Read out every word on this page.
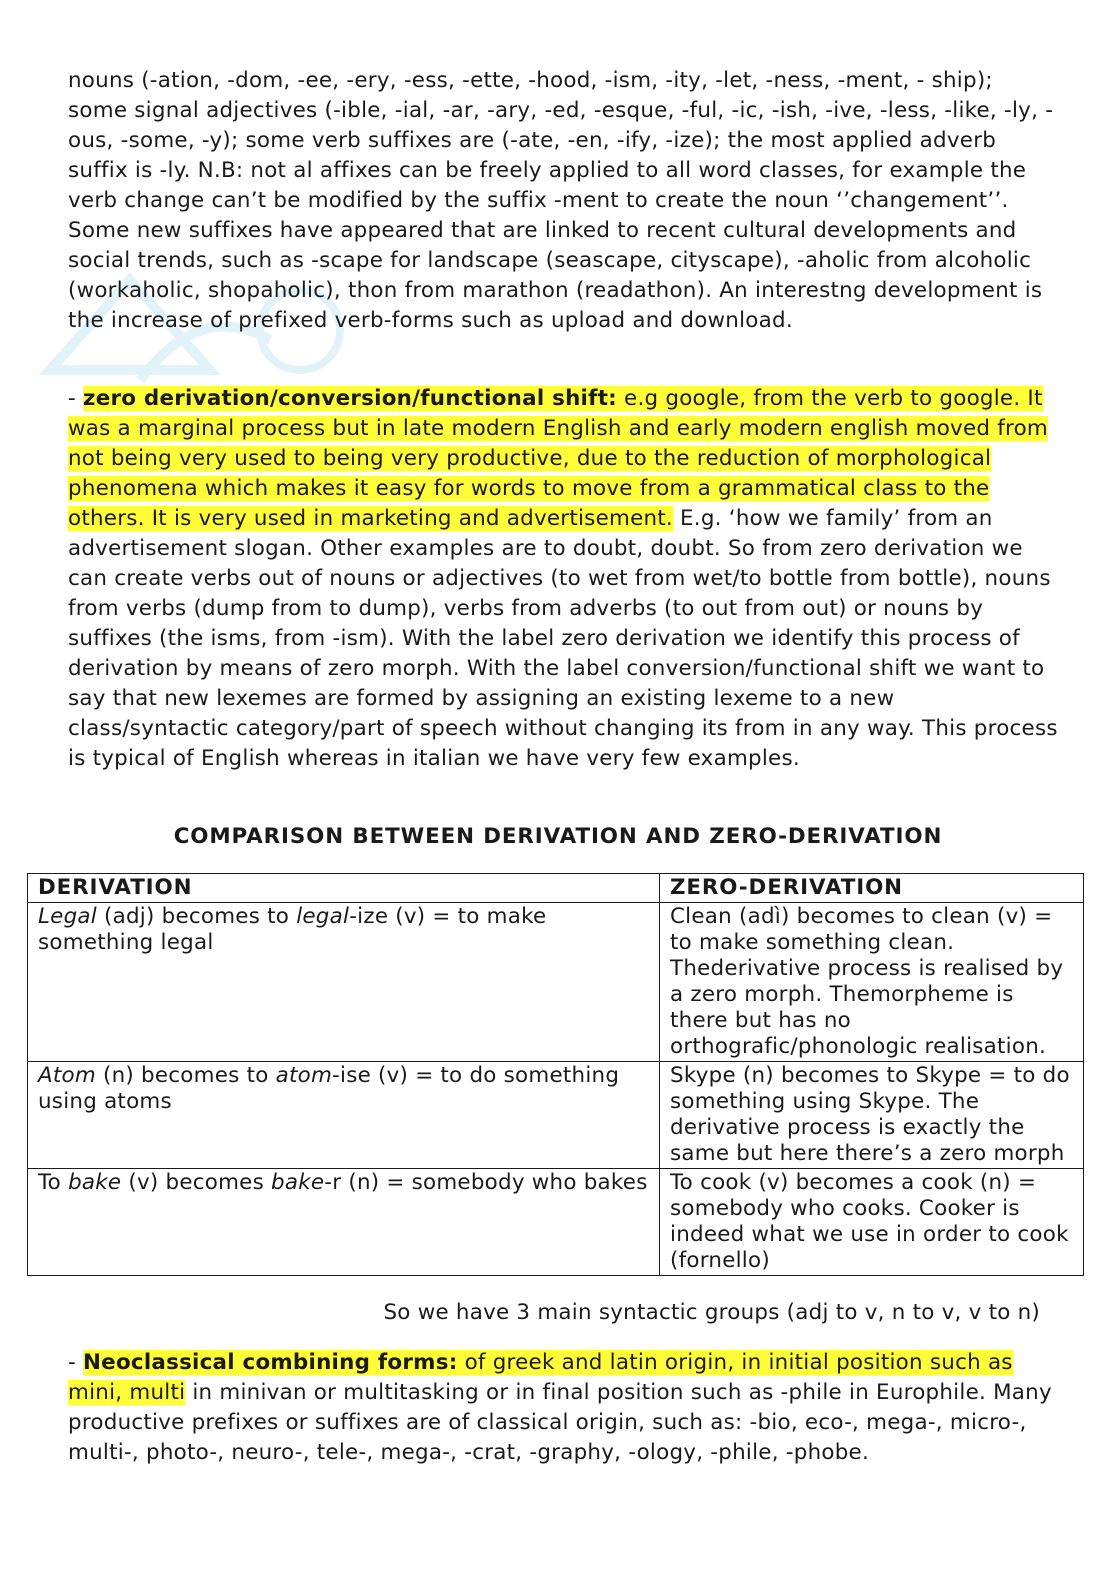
nouns (-ation, -dom, -ee, -ery, -ess, -ette, -hood, -ism, -ity, -let, -ness, -ment, - ship); some signal adjectives (-ible, -ial, -ar, -ary, -ed, -esque, -ful, -ic, -ish, -ive, -less, -like, -ly, - ous, -some, -y); some verb suffixes are (-ate, -en, -ify, -ize); the most applied adverb suffix is -ly. N.B: not al affixes can be freely applied to all word classes, for example the verb change can’t be modified by the suffix -ment to create the noun ‘’changement’’. Some new suffixes have appeared that are linked to recent cultural developments and social trends, such as -scape for landscape (seascape, cityscape), -aholic from alcoholic (workaholic, shopaholic), thon from marathon (readathon). An interestng development is the increase of prefixed verb-forms such as upload and download.

- zero derivation/conversion/functional shift: e.g google, from the verb to google. It was a marginal process but in late modern English and early modern english moved from not being very used to being very productive, due to the reduction of morphological phenomena which makes it easy for words to move from a grammatical class to the others. It is very used in marketing and advertisement. E.g. ‘how we family’ from an advertisement slogan. Other examples are to doubt, doubt. So from zero derivation we can create verbs out of nouns or adjectives (to wet from wet/to bottle from bottle), nouns from verbs (dump from to dump), verbs from adverbs (to out from out) or nouns by suffixes (the isms, from -ism). With the label zero derivation we identify this process of derivation by means of zero morph. With the label conversion/functional shift we want to say that new lexemes are formed by assigning an existing lexeme to a new class/syntactic category/part of speech without changing its from in any way. This process is typical of English whereas in italian we have very few examples.

COMPARISON BETWEEN DERIVATION AND ZERO-DERIVATION
DERIVATION	ZERO-DERIVATION
Legal (adj) becomes to legal-ize (v) = to make something legal	Clean (adì) becomes to clean (v) = to make something clean. Thederivative process is realised by a zero morph. Themorpheme is there but has no orthografic/phonologic realisation.
Atom (n) becomes to atom-ise (v) = to do something using atoms	Skype (n) becomes to Skype = to do something using Skype. The derivative process is exactly the same but here there’s a zero morph
To bake (v) becomes bake-r (n) = somebody who bakes	To cook (v) becomes a cook (n) = somebody who cooks. Cooker is indeed what we use in order to cook (fornello)
So we have 3 main syntactic groups (adj to v, n to v, v to n)

- Neoclassical combining forms: of greek and latin origin, in initial position such as mini, multi in minivan or multitasking or in final position such as -phile in Europhile. Many productive prefixes or suffixes are of classical origin, such as: -bio, eco-, mega-, micro-, multi-, photo-, neuro-, tele-, mega-, -crat, -graphy, -ology, -phile, -phobe.
